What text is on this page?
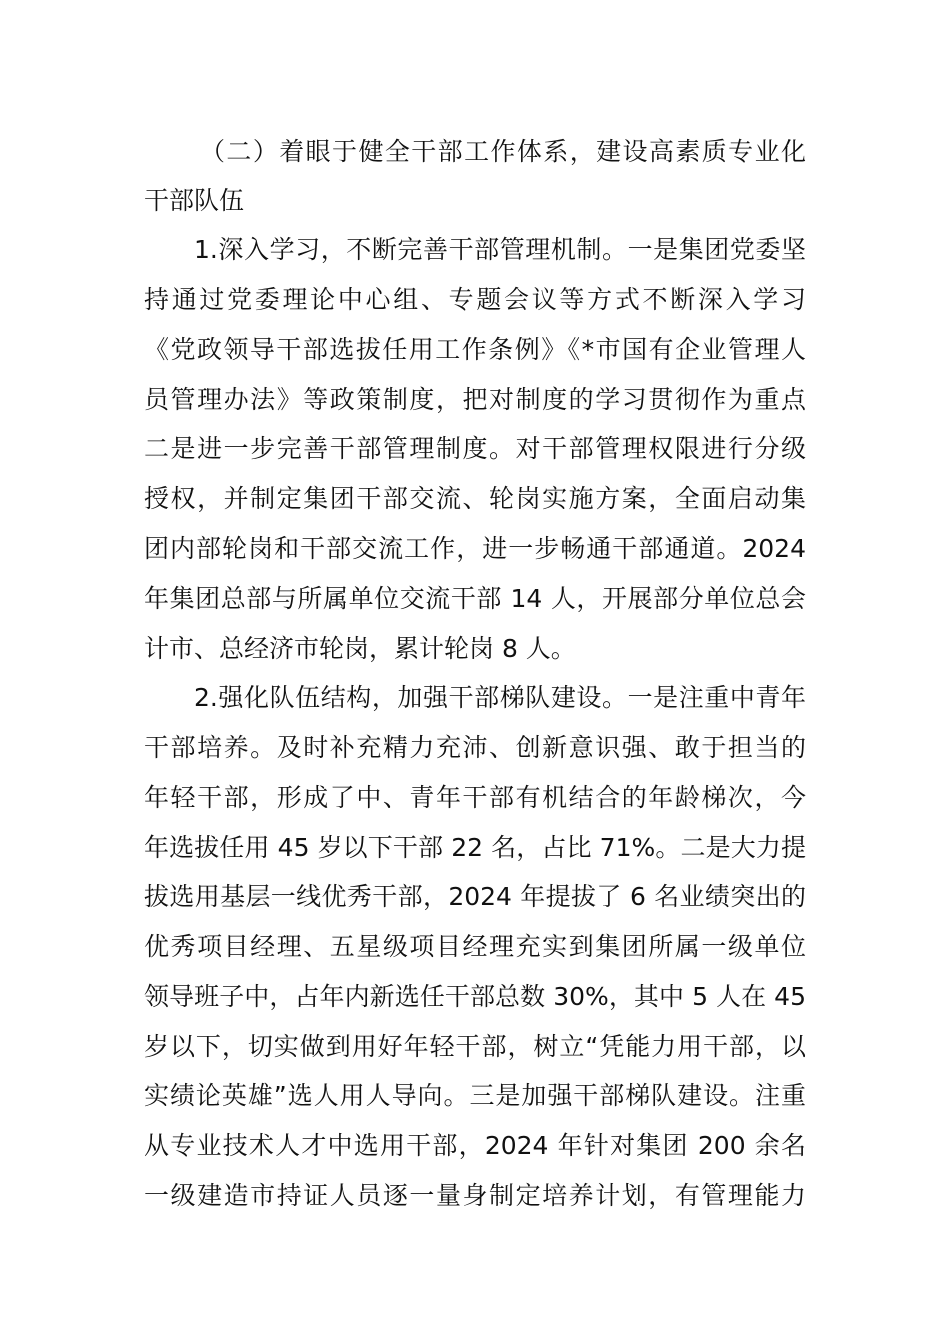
（二）着眼于健全干部工作体系，建设高素质专业化
干部队伍
1.深入学习，不断完善干部管理机制。一是集团党委坚
持通过党委理论中心组、专题会议等方式不断深入学习
《党政领导干部选拔任用工作条例》《*市国有企业管理人
员管理办法》等政策制度，把对制度的学习贯彻作为重点
二是进一步完善干部管理制度。对干部管理权限进行分级
授权，并制定集团干部交流、轮岗实施方案，全面启动集
团内部轮岗和干部交流工作，进一步畅通干部通道。2024
年集团总部与所属单位交流干部 14 人，开展部分单位总会
计市、总经济市轮岗，累计轮岗 8 人。
2.强化队伍结构，加强干部梯队建设。一是注重中青年
干部培养。及时补充精力充沛、创新意识强、敢于担当的
年轻干部，形成了中、青年干部有机结合的年龄梯次，今
年选拔任用 45 岁以下干部 22 名，占比 71%。二是大力提
拔选用基层一线优秀干部，2024 年提拔了 6 名业绩突出的
优秀项目经理、五星级项目经理充实到集团所属一级单位
领导班子中，占年内新选任干部总数 30%，其中 5 人在 45
岁以下，切实做到用好年轻干部，树立“凭能力用干部，以
实绩论英雄”选人用人导向。三是加强干部梯队建设。注重
从专业技术人才中选用干部，2024 年针对集团 200 余名
一级建造市持证人员逐一量身制定培养计划，有管理能力
